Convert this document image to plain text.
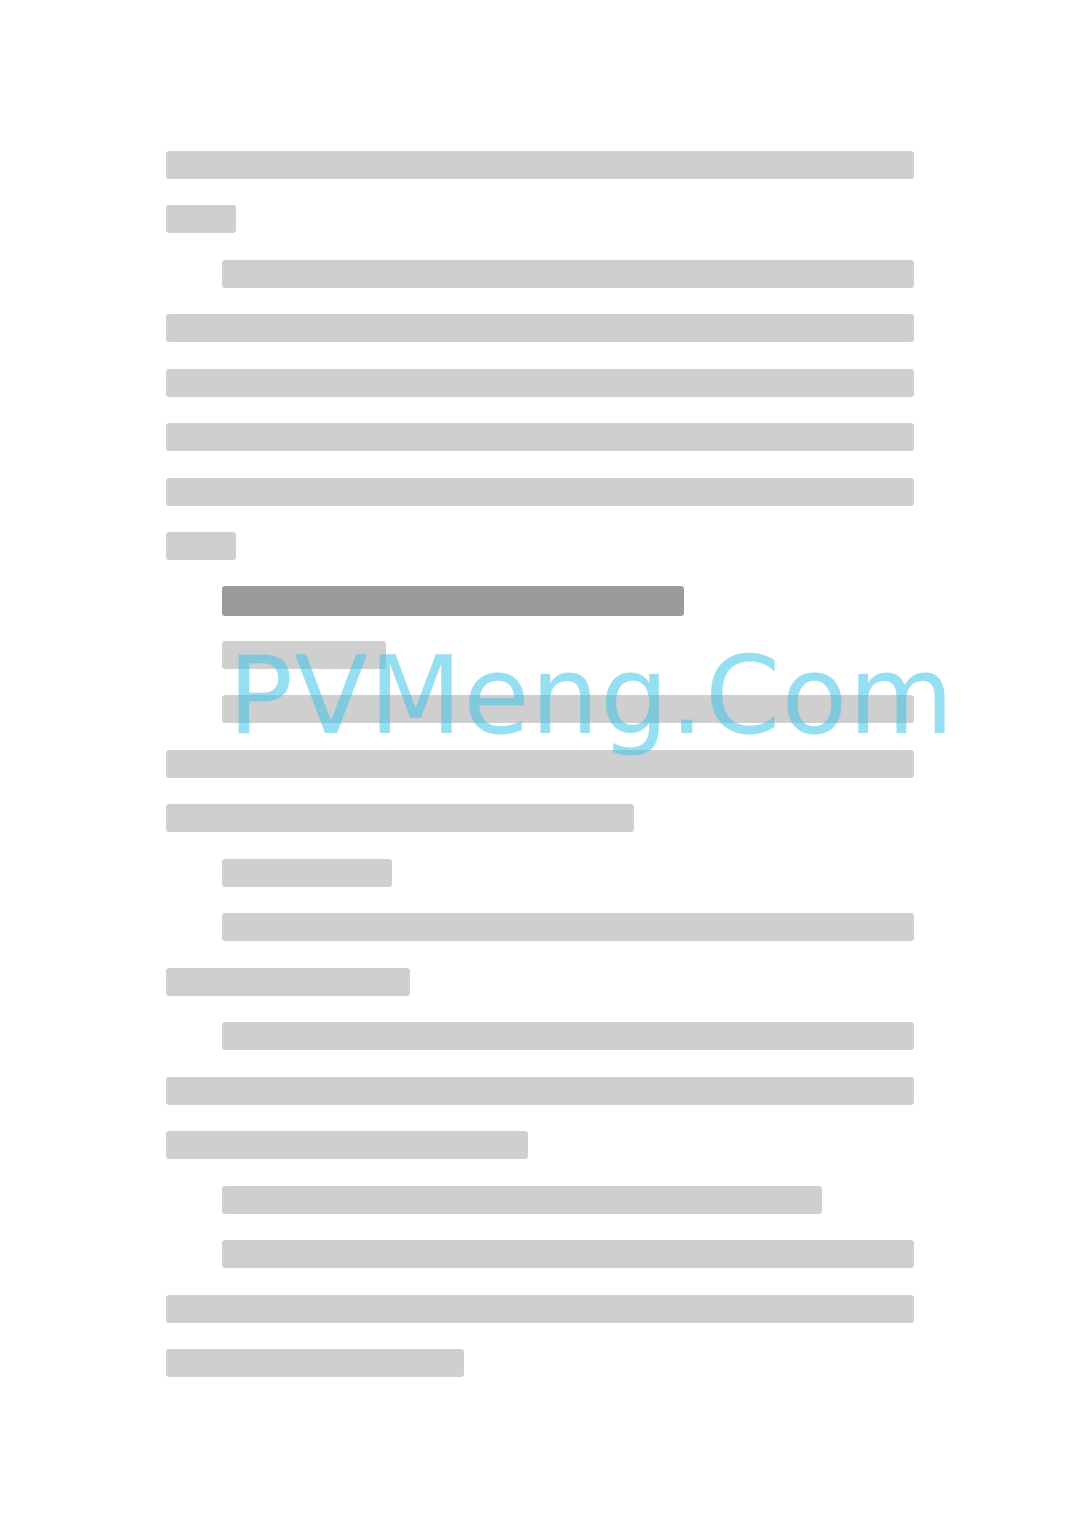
PVMeng.Com
